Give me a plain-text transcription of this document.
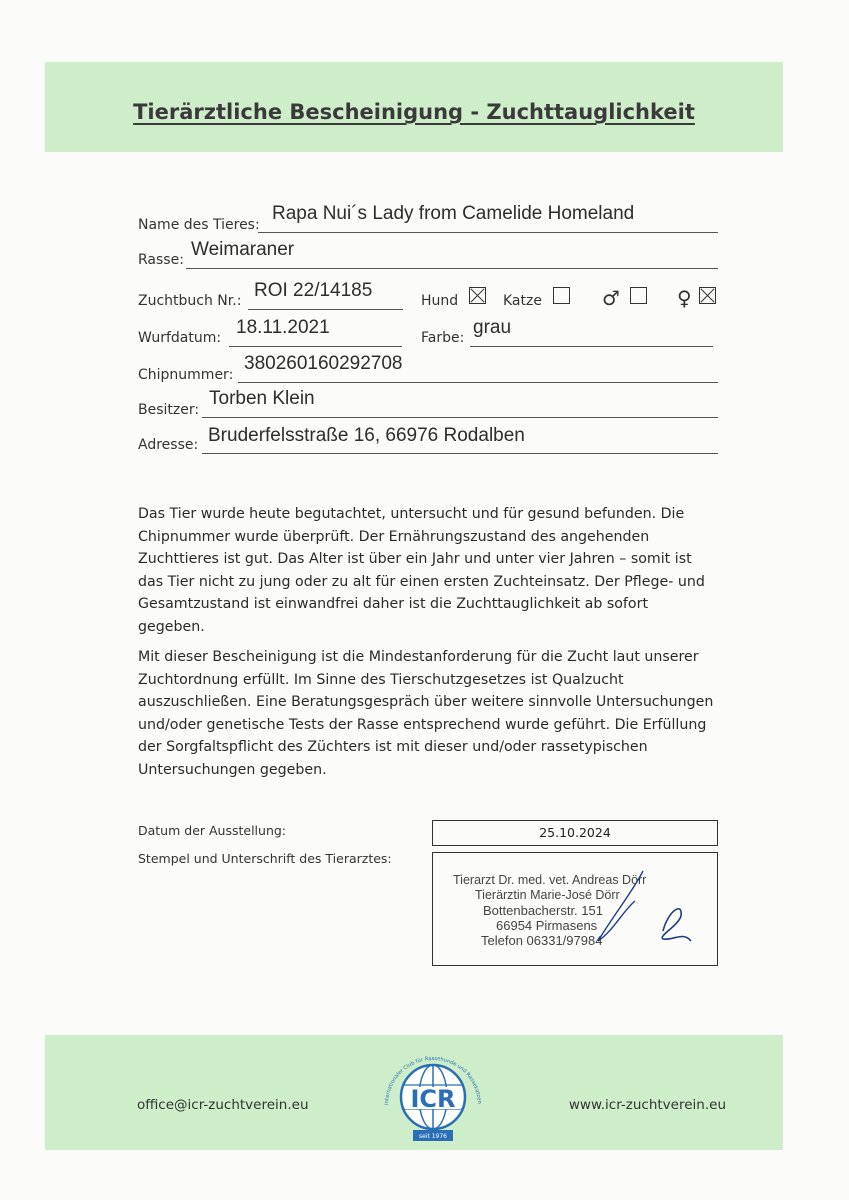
Tierärztliche Bescheinigung - Zuchttauglichkeit
Name des Tieres:
Rapa Nui´s Lady from Camelide Homeland
Rasse: Weimaraner
Zuchtbuch Nr.: ROI 22/14185	Hund	Katze	♂	♀
Wurfdatum: 18.11.2021	Farbe: grau
Chipnummer:
380260160292708
Besitzer:
Torben Klein
Adresse: Bruderfelsstraße 16, 66976 Rodalben
Das Tier wurde heute begutachtet, untersucht und für gesund befunden. Die Chipnummer wurde überprüft. Der Ernährungszustand des angehenden Zuchttieres ist gut. Das Alter ist über ein Jahr und unter vier Jahren – somit ist das Tier nicht zu jung oder zu alt für einen ersten Zuchteinsatz. Der Pflege- und Gesamtzustand ist einwandfrei daher ist die Zuchttauglichkeit ab sofort gegeben.
Mit dieser Bescheinigung ist die Mindestanforderung für die Zucht laut unserer Zuchtordnung erfüllt. Im Sinne des Tierschutzgesetzes ist Qualzucht auszuschließen. Eine Beratungsgespräch über weitere sinnvolle Untersuchungen und/oder genetische Tests der Rasse entsprechend wurde geführt. Die Erfüllung der Sorgfaltspflicht des Züchters ist mit dieser und/oder rassetypischen Untersuchungen gegeben.
Datum der Ausstellung:	25.10.2024
Stempel und Unterschrift des Tierarztes:
Tierarzt Dr. med. vet. Andreas Dörr
Tierärztin Marie-José Dörr
Bottenbacherstr. 151
66954 Pirmasens
Telefon 06331/97984
office@icr-zuchtverein.eu	www.icr-zuchtverein.eu
ICR
Internationaler Club für Rassehunde und Rassekatzen
seit 1976
